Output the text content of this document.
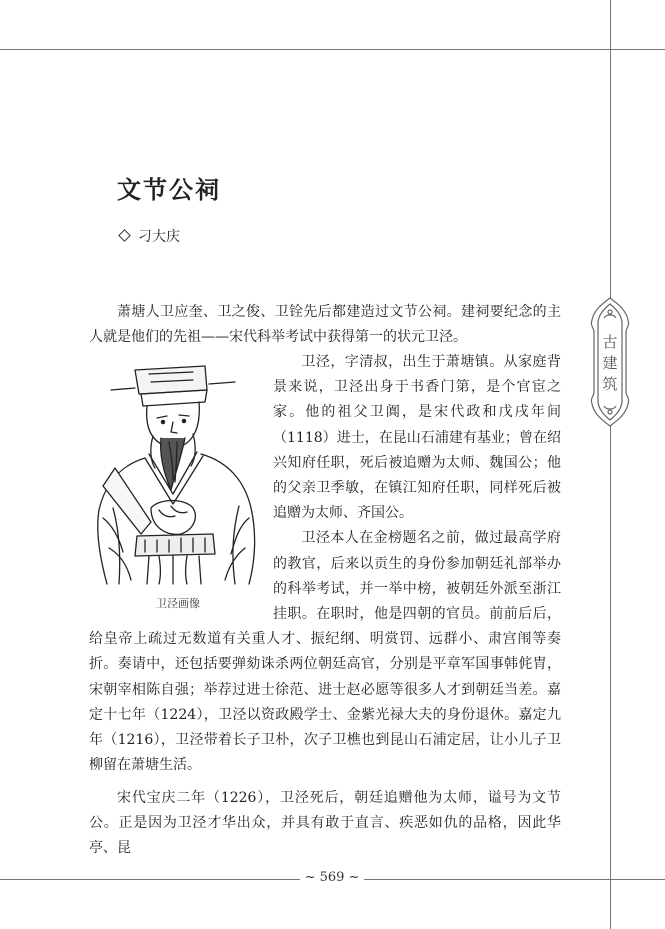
文节公祠
刁大庆

萧塘人卫应奎、卫之俊、卫铨先后都建造过文节公祠。建祠要纪念的主人就是他们的先祖——宋代科举考试中获得第一的状元卫泾。

卫泾画像

卫泾，字清叔，出生于萧塘镇。从家庭背景来说，卫泾出身于书香门第，是个官宦之家。他的祖父卫阗，是宋代政和戊戌年间（1118）进士，在昆山石浦建有基业；曾在绍兴知府任职，死后被追赠为太师、魏国公；他的父亲卫季敏，在镇江知府任职，同样死后被追赠为太师、齐国公。

卫泾本人在金榜题名之前，做过最高学府的教官，后来以贡生的身份参加朝廷礼部举办的科举考试，并一举中榜，被朝廷外派至浙江挂职。在职时，他是四朝的官员。前前后后，给皇帝上疏过无数道有关重人才、振纪纲、明赏罚、远群小、肃宫闱等奏折。奏请中，还包括要弹劾诛杀两位朝廷高官，分别是平章军国事韩侂胄，宋朝宰相陈自强；举荐过进士徐范、进士赵必愿等很多人才到朝廷当差。嘉定十七年（1224），卫泾以资政殿学士、金紫光禄大夫的身份退休。嘉定九年（1216），卫泾带着长子卫朴，次子卫樵也到昆山石浦定居，让小儿子卫柳留在萧塘生活。

宋代宝庆二年（1226），卫泾死后，朝廷追赠他为太师，谥号为文节公。正是因为卫泾才华出众，并具有敢于直言、疾恶如仇的品格，因此华亭、昆

古
建
筑
~ 569 ~
